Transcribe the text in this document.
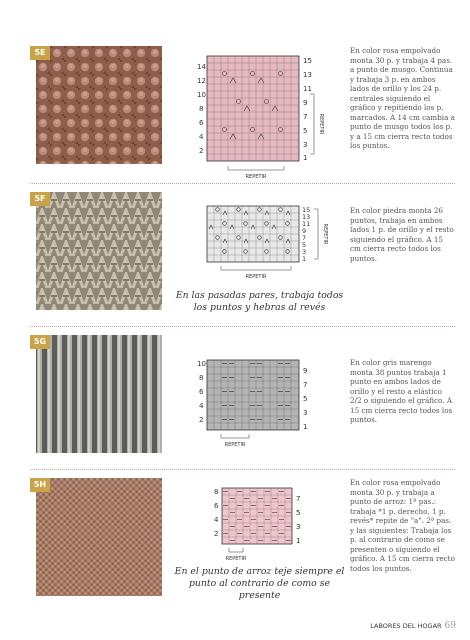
5E
14
12
10
8
6
4
2
15
13
11
9
7
5
3
1
REPETIR
REPETIR
En color rosa empolvado monta 30 p. y trabaja 4 pas. a punto de musgo. Continúa y trabaja 3 p. en ambos lados de orillo y los 24 p. centrales siguiendo el gráfico y repitiendo los p. marcados. A 14 cm cambia a punto de musgo todos los p. y a 15 cm cierra recto todos los puntos.
5F
15
13
11
9
7
5
3
1
REPETIR
REPETIR
En color piedra monta 26 puntos, trabaja en ambos lados 1 p. de orillo y el resto siguiendo el gráfico. A 15 cm cierra recto todos los puntos.
En las pasadas pares, trabaja todos los puntos y hebras al revés
5G
10
8
6
4
2
9
7
5
3
1
REPETIR
En color gris marengo monta 38 puntos trabaja 1 punto en ambos lados de orillo y el resto a elástico 2/2 o siguiendo el gráfico. A 15 cm cierra recto todos los puntos.
5H
8
6
4
2
7
5
3
1
REPETIR
En color rosa empolvado monta 30 p. y trabaja a punto de arroz: 1ª pas.: trabaja *1 p. derecho, 1 p. revés* repite de "a". 2ª pas. y las siguientes: Trabaja los p. al contrario de como se presenten o siguiendo el gráfico. A 15 cm cierra recto todos los puntos.
En el punto de arroz teje siempre el punto al contrario de como se presente
LABORES DEL HOGAR 69
